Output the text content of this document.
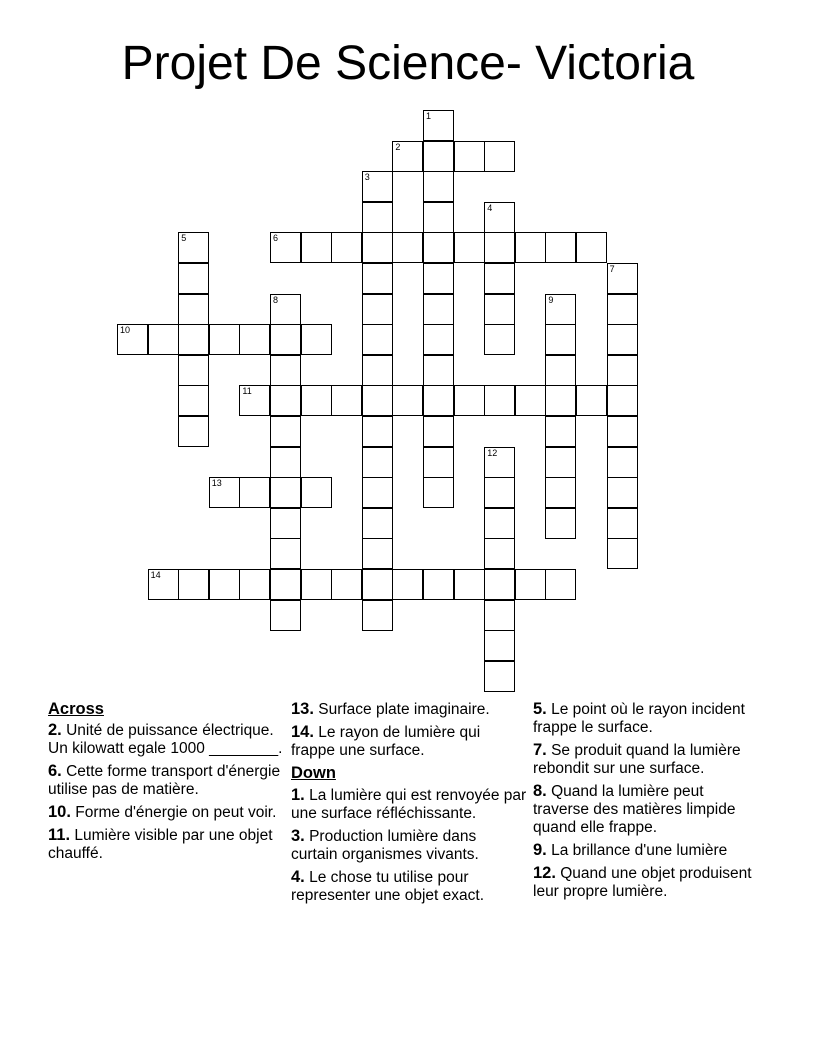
Projet De Science- Victoria
2
6
10
11
13
14
1
3
4
5
7
8	9
12
Across
2. Unité de puissance électrique. Un kilowatt egale 1000 ________.
6. Cette forme transport d'énergie utilise pas de matière.
10. Forme d'énergie on peut voir.
11. Lumière visible par une objet chauffé.
13. Surface plate imaginaire.
14. Le rayon de lumière qui frappe une surface.
Down
1. La lumière qui est renvoyée par une surface réfléchissante.
3. Production lumière dans curtain organismes vivants.
4. Le chose tu utilise pour representer une objet exact.
5. Le point où le rayon incident frappe le surface.
7. Se produit quand la lumière rebondit sur une surface.
8. Quand la lumière peut traverse des matières limpide quand elle frappe.
9. La brillance d'une lumière
12. Quand une objet produisent leur propre lumière.
